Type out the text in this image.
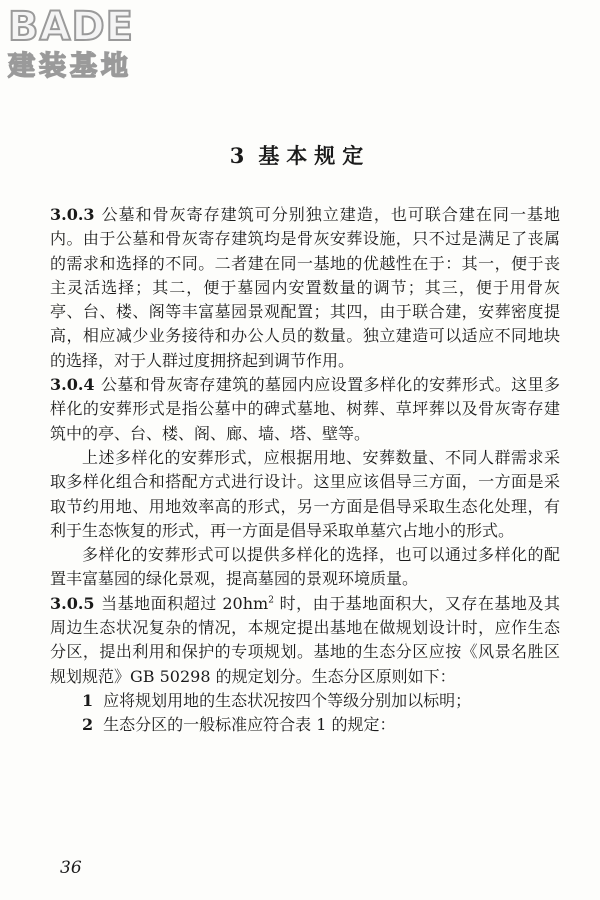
BADE
建装基地
3 基本规定

3.0.3 公墓和骨灰寄存建筑可分别独立建造，也可联合建在同一基地内。由于公墓和骨灰寄存建筑均是骨灰安葬设施，只不过是满足了丧属的需求和选择的不同。二者建在同一基地的优越性在于：其一，便于丧主灵活选择；其二，便于墓园内安置数量的调节；其三，便于用骨灰亭、台、楼、阁等丰富墓园景观配置；其四，由于联合建，安葬密度提高，相应减少业务接待和办公人员的数量。独立建造可以适应不同地块的选择，对于人群过度拥挤起到调节作用。

3.0.4 公墓和骨灰寄存建筑的墓园内应设置多样化的安葬形式。这里多样化的安葬形式是指公墓中的碑式墓地、树葬、草坪葬以及骨灰寄存建筑中的亭、台、楼、阁、廊、墙、塔、壁等。

上述多样化的安葬形式，应根据用地、安葬数量、不同人群需求采取多样化组合和搭配方式进行设计。这里应该倡导三方面，一方面是采取节约用地、用地效率高的形式，另一方面是倡导采取生态化处理，有利于生态恢复的形式，再一方面是倡导采取单墓穴占地小的形式。

多样化的安葬形式可以提供多样化的选择，也可以通过多样化的配置丰富墓园的绿化景观，提高墓园的景观环境质量。

3.0.5 当基地面积超过 $20hm^2$ 时，由于基地面积大，又存在基地及其周边生态状况复杂的情况，本规定提出基地在做规划设计时，应作生态分区，提出利用和保护的专项规划。基地的生态分区应按《风景名胜区规划规范》GB 50298 的规定划分。生态分区原则如下：

1 应将规划用地的生态状况按四个等级分别加以标明；

2 生态分区的一般标准应符合表 1 的规定：

36
